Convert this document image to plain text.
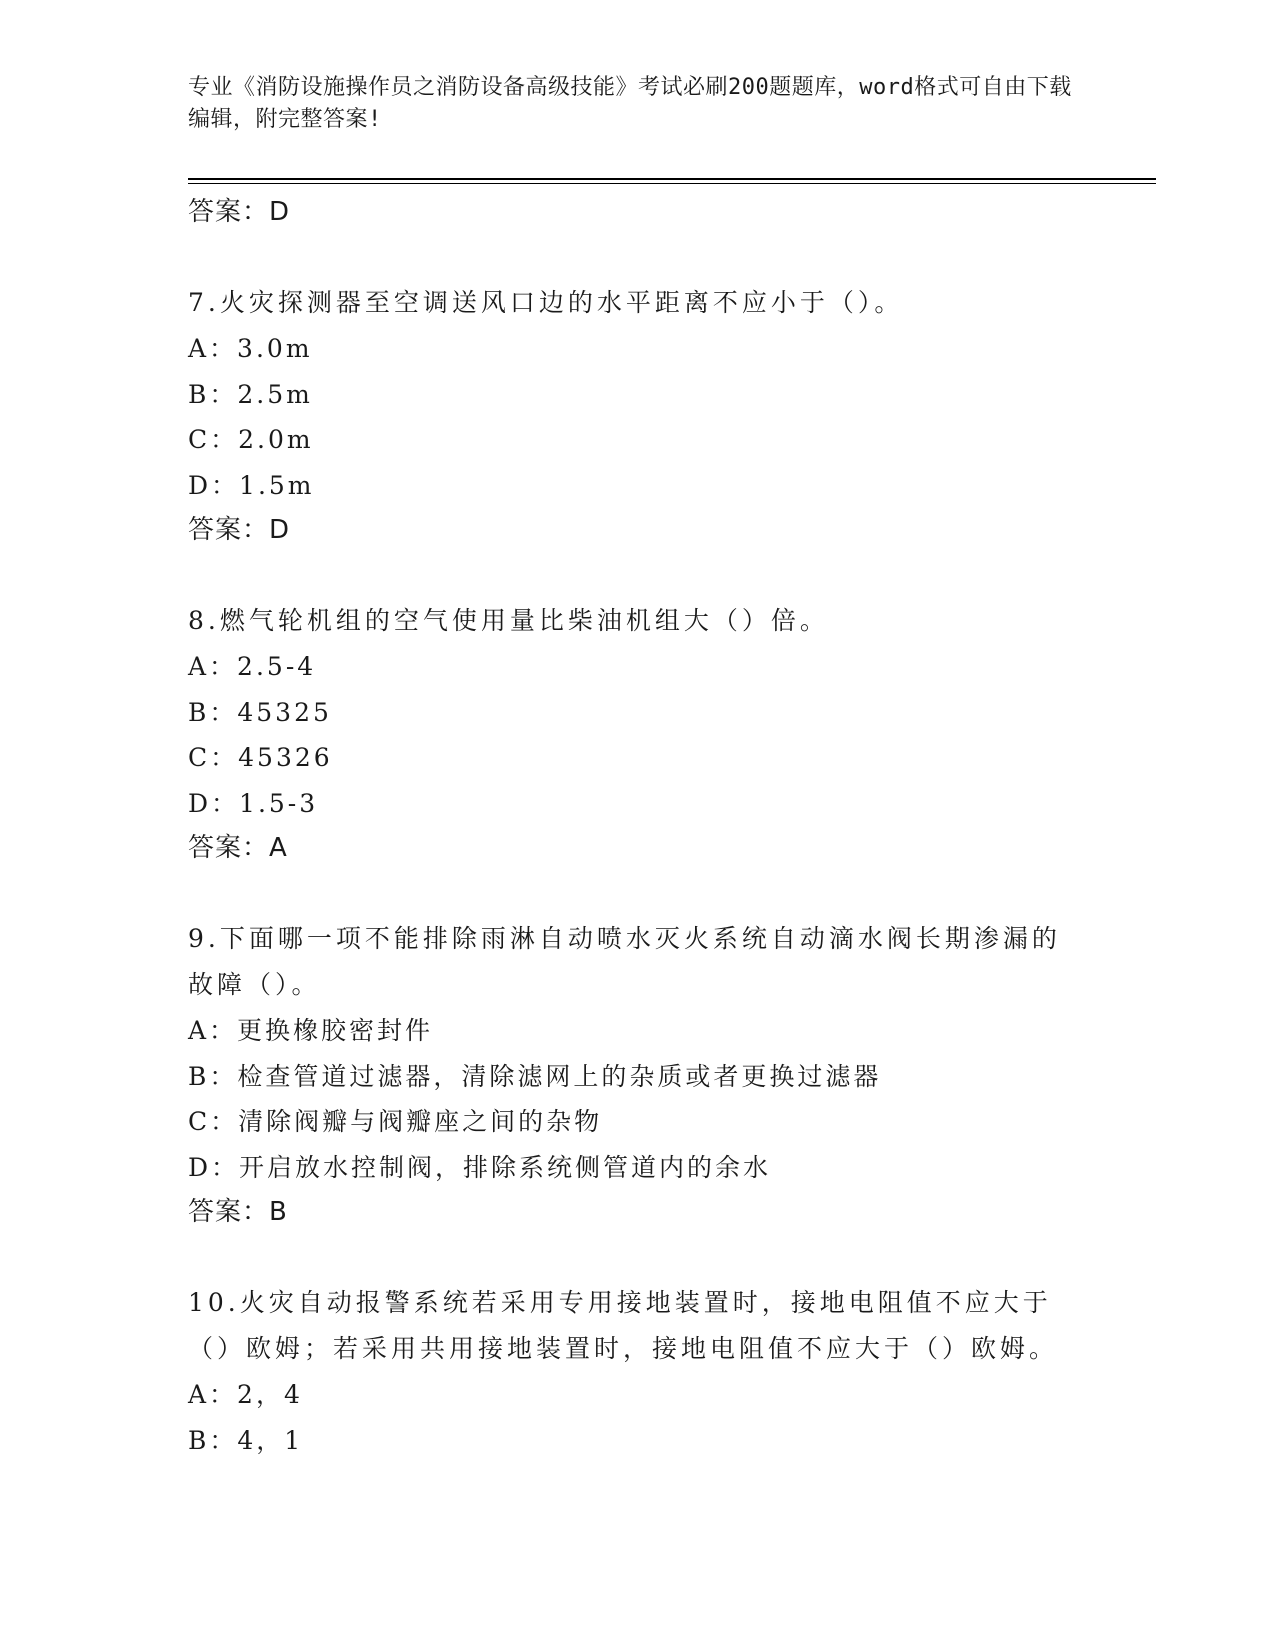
专业《消防设施操作员之消防设备高级技能》考试必刷200题题库，word格式可自由下载编辑，附完整答案!
答案：D
7.火灾探测器至空调送风口边的水平距离不应小于（）。
A：3.0m
B：2.5m
C：2.0m
D：1.5m
答案：D
8.燃气轮机组的空气使用量比柴油机组大（）倍。
A：2.5-4
B：45325
C：45326
D：1.5-3
答案：A
9.下面哪一项不能排除雨淋自动喷水灭火系统自动滴水阀长期渗漏的故障（）。
A：更换橡胶密封件
B：检查管道过滤器，清除滤网上的杂质或者更换过滤器
C：清除阀瓣与阀瓣座之间的杂物
D：开启放水控制阀，排除系统侧管道内的余水
答案：B
10.火灾自动报警系统若采用专用接地装置时，接地电阻值不应大于（）欧姆；若采用共用接地装置时，接地电阻值不应大于（）欧姆。
A：2，4
B：4，1
